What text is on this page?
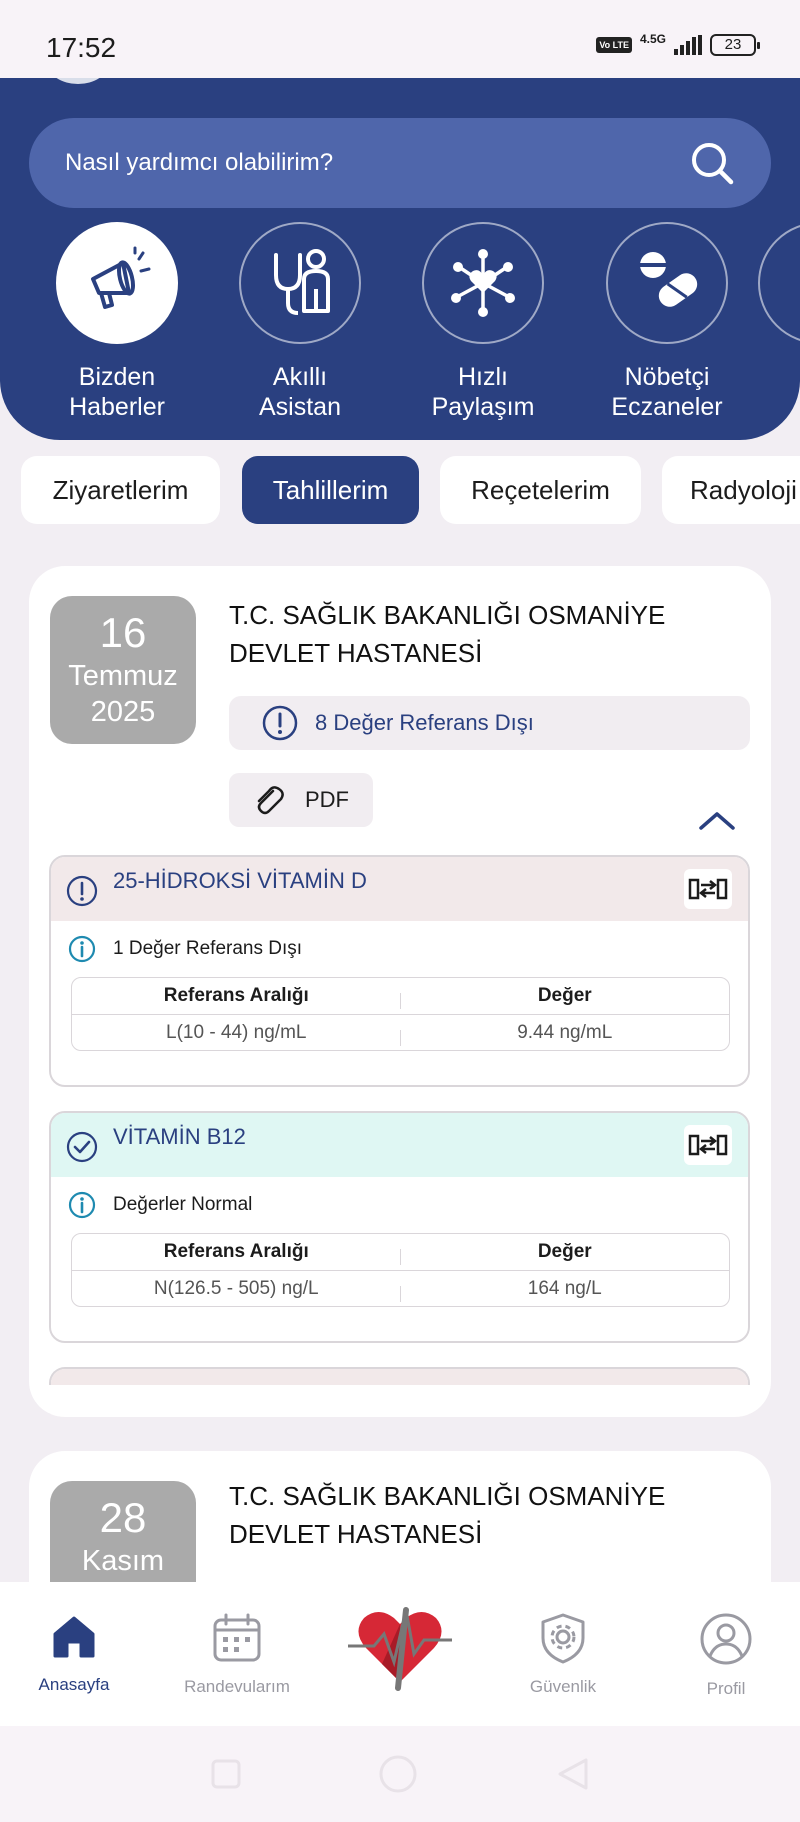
17:52	Vo LTE 4.5G	23
Nasıl yardımcı olabilirim?
Bizden
Haberler
Akıllı
Asistan
Hızlı
Paylaşım
Nöbetçi
Eczaneler
Ziyaretlerim	Tahlillerim	Reçetelerim	Radyoloji
16
Temmuz
2025
T.C. SAĞLIK BAKANLIĞI OSMANİYE DEVLET HASTANESİ
8 Değer Referans Dışı
PDF
25-HİDROKSİ VİTAMİN D
1 Değer Referans Dışı
Referans Aralığı	Değer
L(10 - 44) ng/mL	9.44 ng/mL
VİTAMİN B12
Değerler Normal
Referans Aralığı	Değer
N(126.5 - 505) ng/L	164 ng/L
28
Kasım
T.C. SAĞLIK BAKANLIĞI OSMANİYE DEVLET HASTANESİ
Anasayfa	Randevularım	Güvenlik	Profil
